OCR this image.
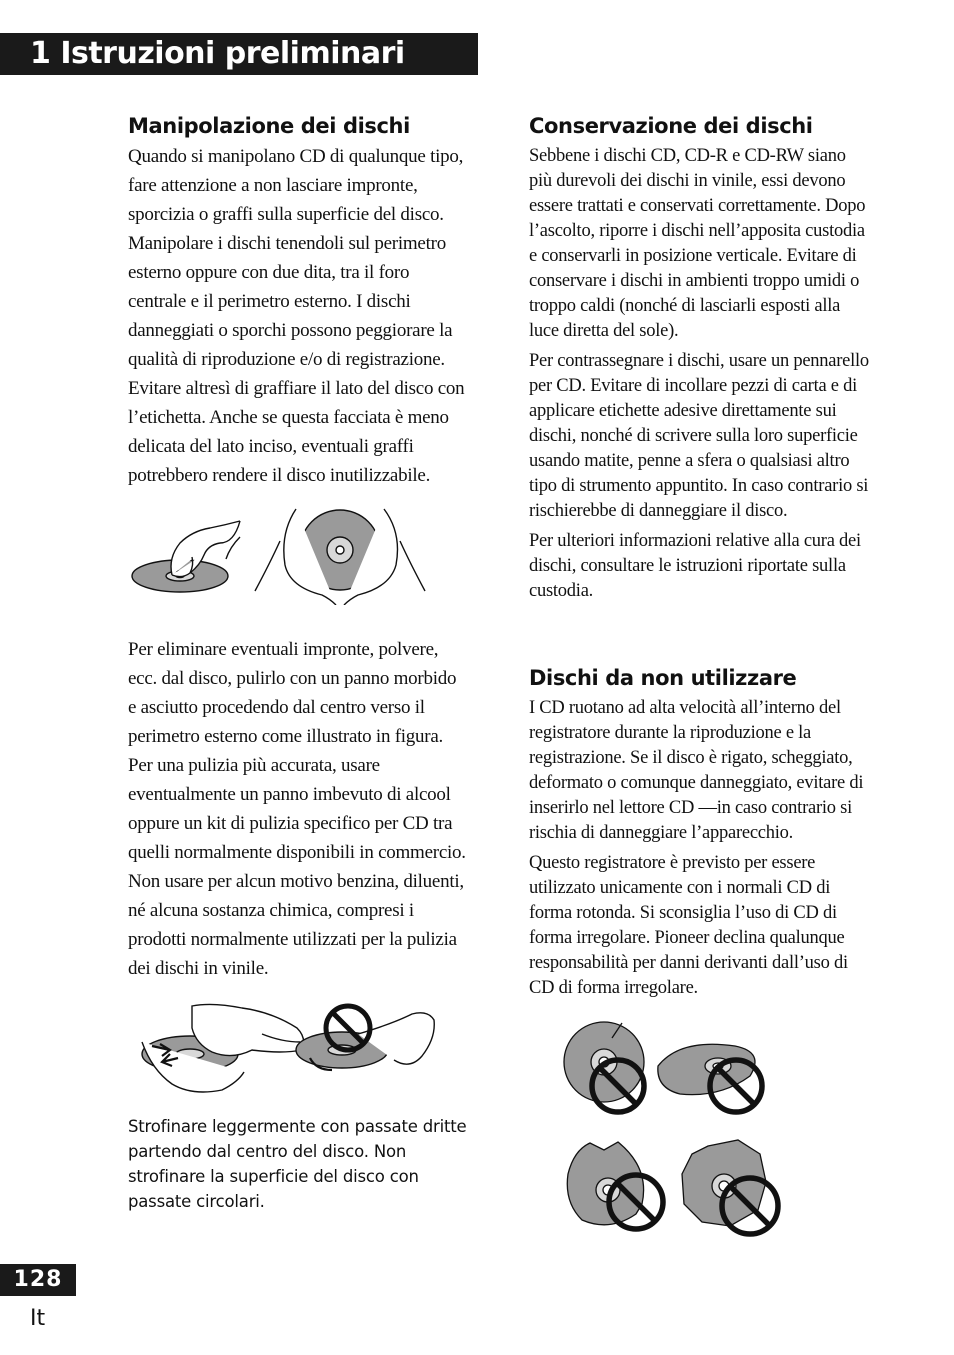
1 Istruzioni preliminari
Manipolazione dei dischi

Quando si manipolano CD di qualunque tipo, fare attenzione a non lasciare impronte, sporcizia o graffi sulla superficie del disco. Manipolare i dischi tenendoli sul perimetro esterno oppure con due dita, tra il foro centrale e il perimetro esterno. I dischi danneggiati o sporchi possono peggiorare la qualità di riproduzione e/o di registrazione. Evitare altresì di graffiare il lato del disco con l’etichetta. Anche se questa facciata è meno delicata del lato inciso, eventuali graffi potrebbero rendere il disco inutilizzabile.

Per eliminare eventuali impronte, polvere, ecc. dal disco, pulirlo con un panno morbido e asciutto procedendo dal centro verso il perimetro esterno come illustrato in figura. Per una pulizia più accurata, usare eventualmente un panno imbevuto di alcool oppure un kit di pulizia specifico per CD tra quelli normalmente disponibili in commercio. Non usare per alcun motivo benzina, diluenti, né alcuna sostanza chimica, compresi i prodotti normalmente utilizzati per la pulizia dei dischi in vinile.

Strofinare leggermente con passate dritte partendo dal centro del disco. Non strofinare la superficie del disco con passate circolari.
Conservazione dei dischi

Sebbene i dischi CD, CD-R e CD-RW siano più durevoli dei dischi in vinile, essi devono essere trattati e conservati correttamente. Dopo l’ascolto, riporre i dischi nell’apposita custodia e conservarli in posizione verticale. Evitare di conservare i dischi in ambienti troppo umidi o troppo caldi (nonché di lasciarli esposti alla luce diretta del sole).

Per contrassegnare i dischi, usare un pennarello per CD. Evitare di incollare pezzi di carta e di applicare etichette adesive direttamente sui dischi, nonché di scrivere sulla loro superficie usando matite, penne a sfera o qualsiasi altro tipo di strumento appuntito. In caso contrario si rischierebbe di danneggiare il disco.

Per ulteriori informazioni relative alla cura dei dischi, consultare le istruzioni riportate sulla custodia.

Dischi da non utilizzare

I CD ruotano ad alta velocità all’interno del registratore durante la riproduzione e la registrazione. Se il disco è rigato, scheggiato, deformato o comunque danneggiato, evitare di inserirlo nel lettore CD —in caso contrario si rischia di danneggiare l’apparecchio.

Questo registratore è previsto per essere utilizzato unicamente con i normali CD di forma rotonda. Si sconsiglia l’uso di CD di forma irregolare. Pioneer declina qualunque responsabilità per danni derivanti dall’uso di CD di forma irregolare.

128
It
